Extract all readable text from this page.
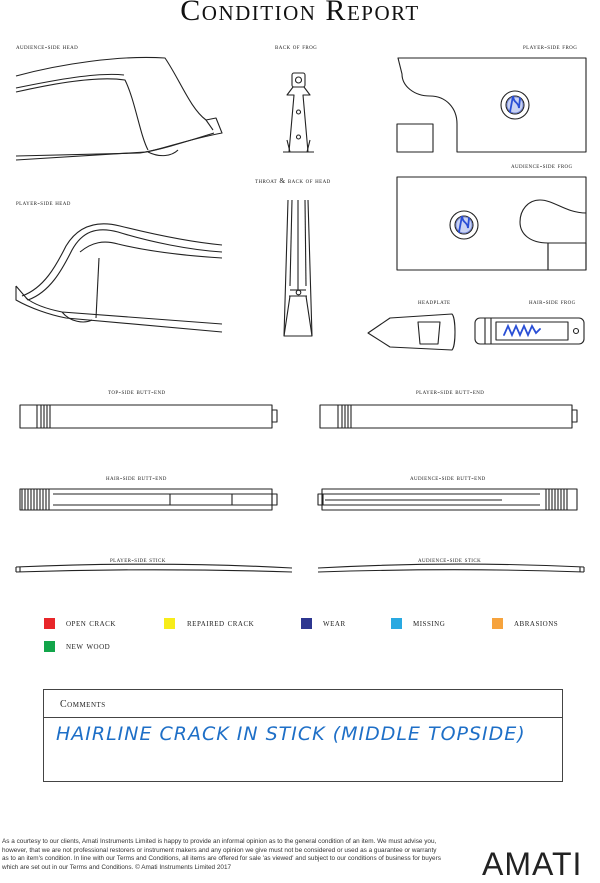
Condition Report
audience-side head	back of frog	player-side frog
audience-side frog
player-side head
throat & back of head
headplate	hair-side frog
top-side butt-end	player-side butt-end
hair-side butt-end	audience-side butt-end
player-side stick	audience-side stick
open crack	repaired crack	wear	missing	abrasions
new wood
Comments
HAIRLINE CRACK IN STICK (MIDDLE TOPSIDE)
As a courtesy to our clients, Amati Instruments Limited is happy to provide an informal opinion as to the general condition of an item. We must advise you, however, that we are not professional restorers or instrument makers and any opinion we give must not be considered or used as a guarantee or warranty as to an item's condition. In line with our Terms and Conditions, all items are offered for sale 'as viewed' and subject to our conditions of business for buyers which are set out in our Terms and Conditions. © Amati Instruments Limited 2017	AMATI
